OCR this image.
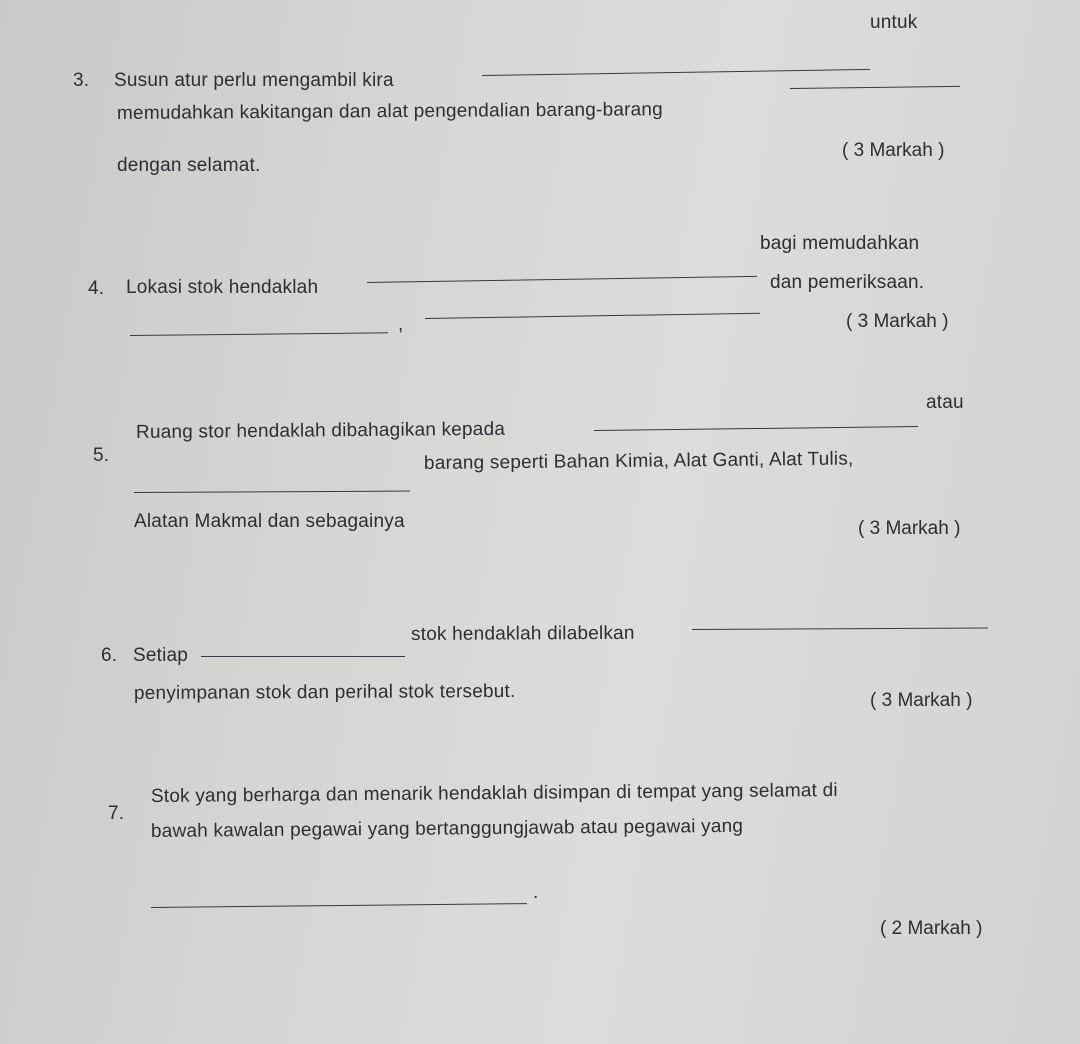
3. Susun atur perlu mengambil kira
untuk
memudahkan kakitangan dan alat pengendalian barang-barang
dengan selamat.
( 3 Markah )
4. Lokasi stok hendaklah
bagi memudahkan
,
dan pemeriksaan.
( 3 Markah )
5.
Ruang stor hendaklah dibahagikan kepada
atau
barang seperti Bahan Kimia, Alat Ganti, Alat Tulis,
Alatan Makmal dan sebagainya	( 3 Markah )
6. Setiap
stok hendaklah dilabelkan
penyimpanan stok dan perihal stok tersebut.	( 3 Markah )
7.
Stok yang berharga dan menarik hendaklah disimpan di tempat yang selamat di
bawah kawalan pegawai yang bertanggungjawab atau pegawai yang
.
( 2 Markah )
